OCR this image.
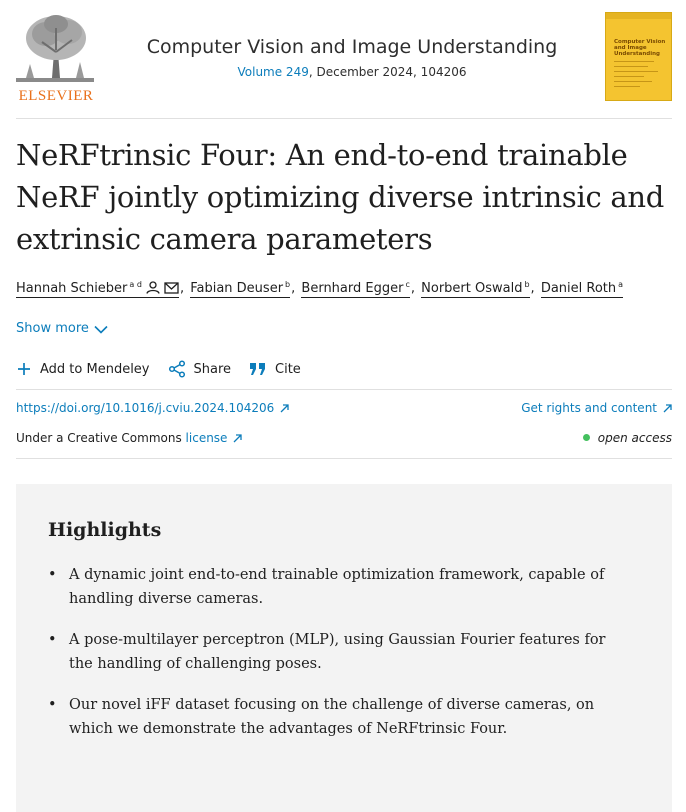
ELSEVIER
Computer Vision and Image Understanding
Volume 249, December 2024, 104206
Computer Vision and Image Understanding
NeRFtrinsic Four: An end-to-end trainable NeRF jointly optimizing diverse intrinsic and extrinsic camera parameters
Hannah Schieber $^{a d}$	, Fabian Deuser $^b$, Bernhard Egger $^c$, Norbert Oswald $^b$, Daniel Roth $^a$
Show more
Add to Mendeley	Share	Cite
https://doi.org/10.1016/j.cviu.2024.104206	Get rights and content
Under a Creative Commons license	open access
Highlights
• A dynamic joint end-to-end trainable optimization framework, capable of handling diverse cameras.
• A pose-multilayer perceptron (MLP), using Gaussian Fourier features for the handling of challenging poses.
• Our novel iFF dataset focusing on the challenge of diverse cameras, on which we demonstrate the advantages of NeRFtrinsic Four.
